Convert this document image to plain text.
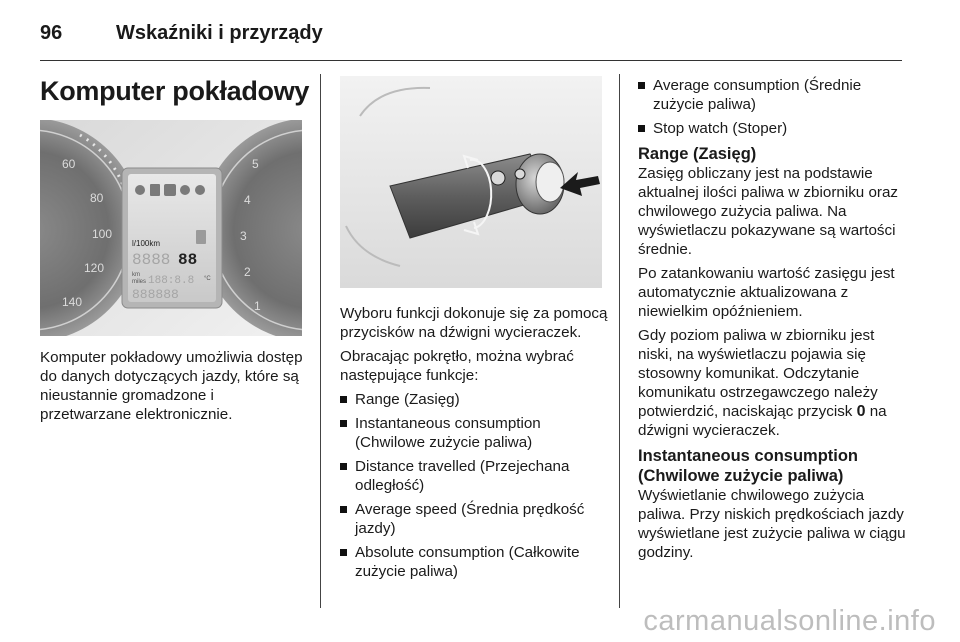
96	Wskaźniki i przyrządy
Komputer pokładowy
60
80
100
120
140
5
4
3
2
1
l/100km
8888 88
km
miles 188:8.8 °C
888888

Komputer pokładowy umożliwia dostęp do danych dotyczących jazdy, które są nieustannie gromadzone i przetwarzane elektronicznie.

Wyboru funkcji dokonuje się za pomocą przycisków na dźwigni wycieraczek.

Obracając pokrętło, można wybrać następujące funkcje:

Range (Zasięg)
Instantaneous consumption (Chwilowe zużycie paliwa)
Distance travelled (Przejechana odległość)
Average speed (Średnia prędkość jazdy)
Absolute consumption (Całkowite zużycie paliwa)
Average consumption (Średnie zużycie paliwa)
Stop watch (Stoper)
Range (Zasięg)

Zasięg obliczany jest na podstawie aktualnej ilości paliwa w zbiorniku oraz chwilowego zużycia paliwa. Na wyświetlaczu pokazywane są wartości średnie.

Po zatankowaniu wartość zasięgu jest automatycznie aktualizowana z niewielkim opóźnieniem.

Gdy poziom paliwa w zbiorniku jest niski, na wyświetlaczu pojawia się stosowny komunikat. Odczytanie komunikatu ostrzegawczego należy potwierdzić, naciskając przycisk 0 na dźwigni wycieraczek.

Instantaneous consumption (Chwilowe zużycie paliwa)

Wyświetlanie chwilowego zużycia paliwa. Przy niskich prędkościach jazdy wyświetlane jest zużycie paliwa w ciągu godziny.

carmanualsonline.info
